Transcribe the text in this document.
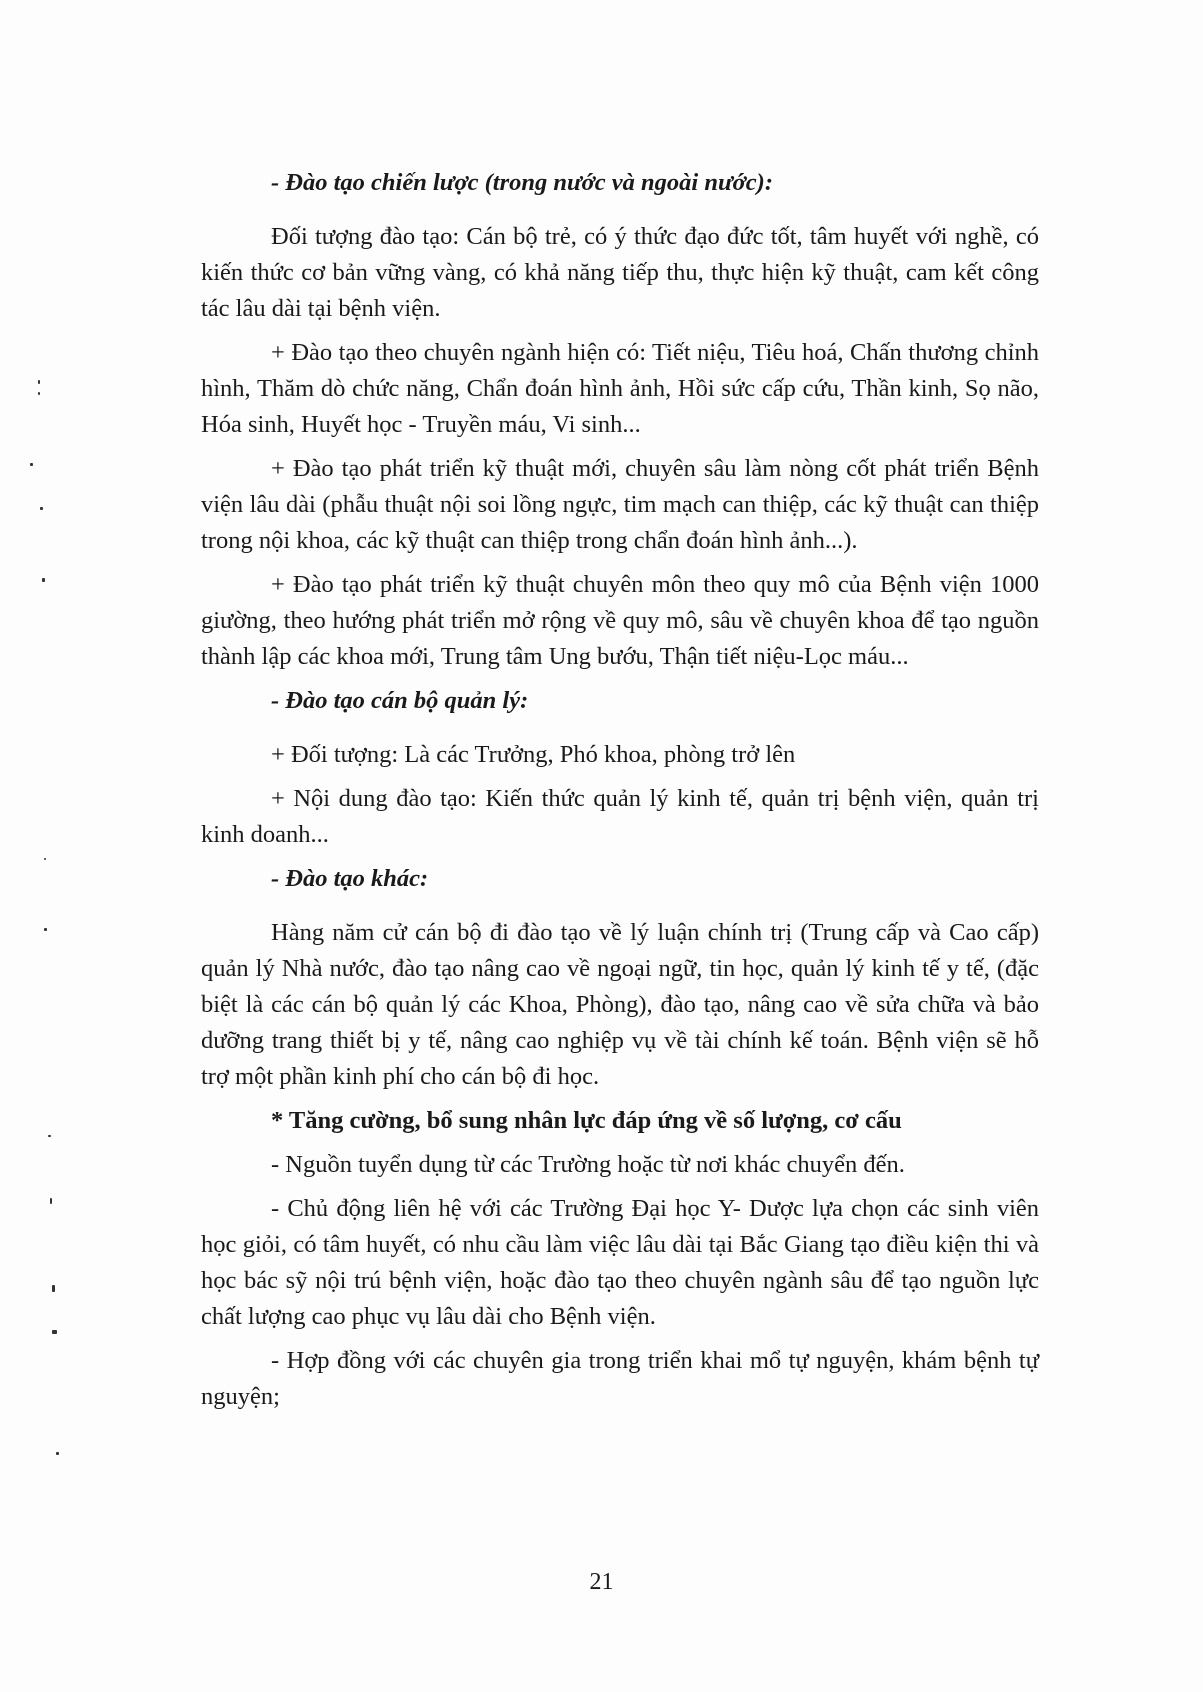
- Đào tạo chiến lược (trong nước và ngoài nước):

Đối tượng đào tạo: Cán bộ trẻ, có ý thức đạo đức tốt, tâm huyết với nghề, có kiến thức cơ bản vững vàng, có khả năng tiếp thu, thực hiện kỹ thuật, cam kết công tác lâu dài tại bệnh viện.

+ Đào tạo theo chuyên ngành hiện có: Tiết niệu, Tiêu hoá, Chấn thương chỉnh hình, Thăm dò chức năng, Chẩn đoán hình ảnh, Hồi sức cấp cứu, Thần kinh, Sọ não, Hóa sinh, Huyết học - Truyền máu, Vi sinh...

+ Đào tạo phát triển kỹ thuật mới, chuyên sâu làm nòng cốt phát triển Bệnh viện lâu dài (phẫu thuật nội soi lồng ngực, tim mạch can thiệp, các kỹ thuật can thiệp trong nội khoa, các kỹ thuật can thiệp trong chẩn đoán hình ảnh...).

+ Đào tạo phát triển kỹ thuật chuyên môn theo quy mô của Bệnh viện 1000 giường, theo hướng phát triển mở rộng về quy mô, sâu về chuyên khoa để tạo nguồn thành lập các khoa mới, Trung tâm Ung bướu, Thận tiết niệu-Lọc máu...

- Đào tạo cán bộ quản lý:

+ Đối tượng: Là các Trưởng, Phó khoa, phòng trở lên

+ Nội dung đào tạo: Kiến thức quản lý kinh tế, quản trị bệnh viện, quản trị kinh doanh...

- Đào tạo khác:

Hàng năm cử cán bộ đi đào tạo về lý luận chính trị (Trung cấp và Cao cấp) quản lý Nhà nước, đào tạo nâng cao về ngoại ngữ, tin học, quản lý kinh tế y tế, (đặc biệt là các cán bộ quản lý các Khoa, Phòng), đào tạo, nâng cao về sửa chữa và bảo dưỡng trang thiết bị y tế, nâng cao nghiệp vụ về tài chính kế toán. Bệnh viện sẽ hỗ trợ một phần kinh phí cho cán bộ đi học.

* Tăng cường, bổ sung nhân lực đáp ứng về số lượng, cơ cấu

- Nguồn tuyển dụng từ các Trường hoặc từ nơi khác chuyển đến.

- Chủ động liên hệ với các Trường Đại học Y- Dược lựa chọn các sinh viên học giỏi, có tâm huyết, có nhu cầu làm việc lâu dài tại Bắc Giang tạo điều kiện thi và học bác sỹ nội trú bệnh viện, hoặc đào tạo theo chuyên ngành sâu để tạo nguồn lực chất lượng cao phục vụ lâu dài cho Bệnh viện.

- Hợp đồng với các chuyên gia trong triển khai mổ tự nguyện, khám bệnh tự nguyện;

21
